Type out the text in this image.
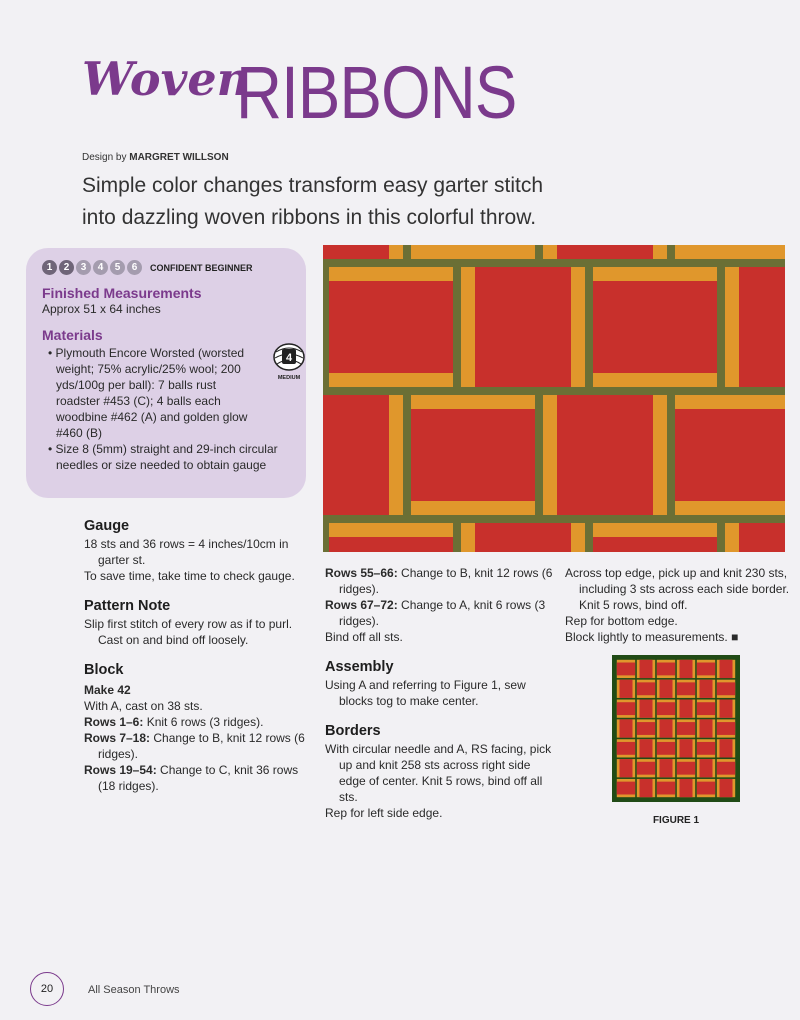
Woven
RIBBONS
Design by MARGRET WILLSON
Simple color changes transform easy garter stitch
into dazzling woven ribbons in this colorful throw.
1	2	3	4	5	6	CONFIDENT BEGINNER
Finished Measurements
Approx 51 x 64 inches
Materials
• Plymouth Encore Worsted (worsted weight; 75% acrylic/25% wool; 200 yds/100g per ball): 7 balls rust roadster #453 (C); 4 balls each woodbine #462 (A) and golden glow #460 (B)
• Size 8 (5mm) straight and 29-inch circular needles or size needed to obtain gauge
4
MEDIUM
Gauge

18 sts and 36 rows = 4 inches/10cm in garter st.

To save time, take time to check gauge.

Pattern Note

Slip first stitch of every row as if to purl. Cast on and bind off loosely.

Block

Make 42

With A, cast on 38 sts.

Rows 1–6: Knit 6 rows (3 ridges).

Rows 7–18: Change to B, knit 12 rows (6 ridges).

Rows 19–54: Change to C, knit 36 rows (18 ridges).

Rows 55–66: Change to B, knit 12 rows (6 ridges).

Rows 67–72: Change to A, knit 6 rows (3 ridges).

Bind off all sts.

Assembly

Using A and referring to Figure 1, sew blocks tog to make center.

Borders

With circular needle and A, RS facing, pick up and knit 258 sts across right side edge of center. Knit 5 rows, bind off all sts.

Rep for left side edge.

Across top edge, pick up and knit 230 sts, including 3 sts across each side border. Knit 5 rows, bind off.

Rep for bottom edge.

Block lightly to measurements. ■

FIGURE 1
20	All Season Throws
